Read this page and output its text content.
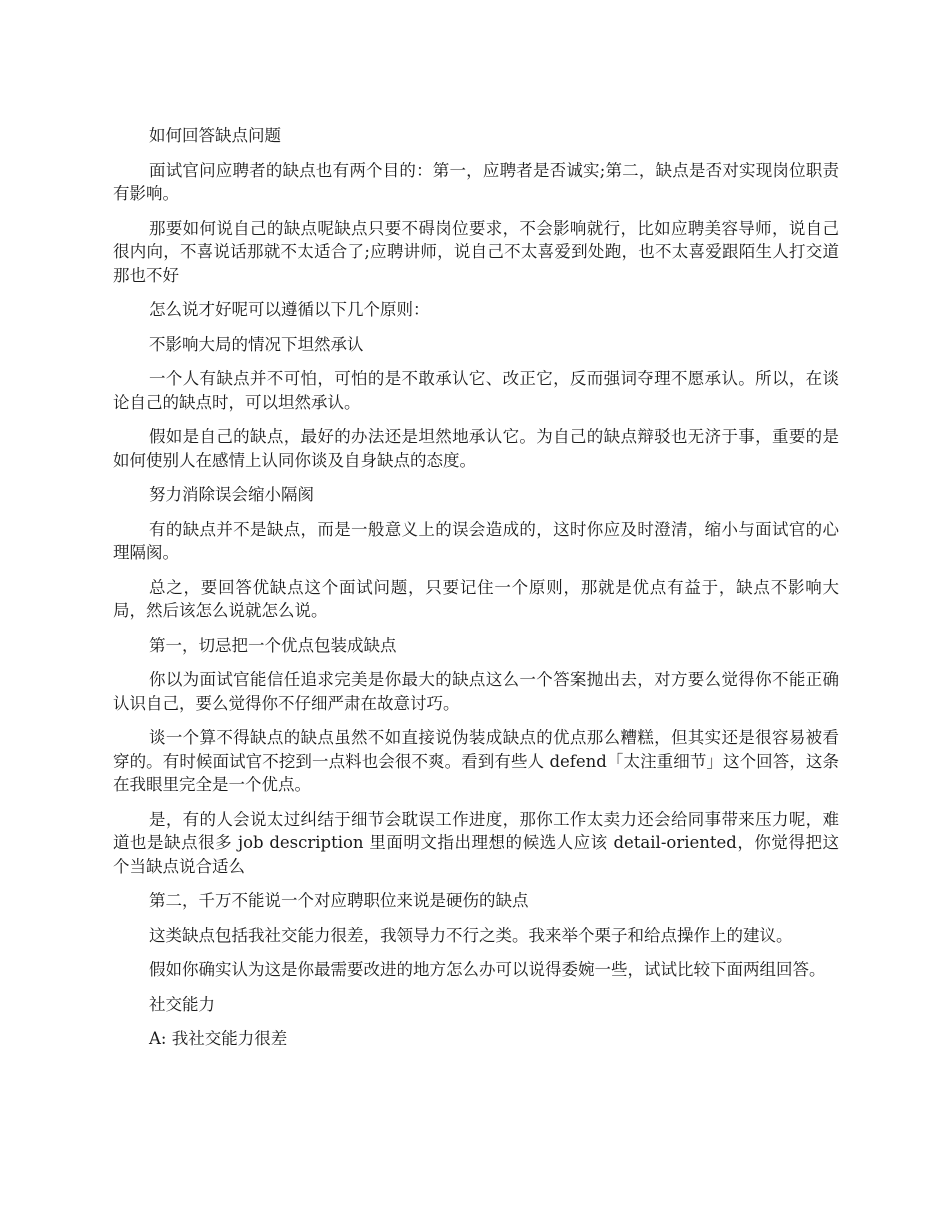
如何回答缺点问题

面试官问应聘者的缺点也有两个目的：第一，应聘者是否诚实;第二，缺点是否对实现岗位职责有影响。

那要如何说自己的缺点呢缺点只要不碍岗位要求，不会影响就行，比如应聘美容导师，说自己很内向，不喜说话那就不太适合了;应聘讲师，说自己不太喜爱到处跑，也不太喜爱跟陌生人打交道那也不好

怎么说才好呢可以遵循以下几个原则：

不影响大局的情况下坦然承认

一个人有缺点并不可怕，可怕的是不敢承认它、改正它，反而强词夺理不愿承认。所以，在谈论自己的缺点时，可以坦然承认。

假如是自己的缺点，最好的办法还是坦然地承认它。为自己的缺点辩驳也无济于事，重要的是如何使别人在感情上认同你谈及自身缺点的态度。

努力消除误会缩小隔阂

有的缺点并不是缺点，而是一般意义上的误会造成的，这时你应及时澄清，缩小与面试官的心理隔阂。

总之，要回答优缺点这个面试问题，只要记住一个原则，那就是优点有益于，缺点不影响大局，然后该怎么说就怎么说。

第一，切忌把一个优点包装成缺点

你以为面试官能信任追求完美是你最大的缺点这么一个答案抛出去，对方要么觉得你不能正确认识自己，要么觉得你不仔细严肃在故意讨巧。

谈一个算不得缺点的缺点虽然不如直接说伪装成缺点的优点那么糟糕，但其实还是很容易被看穿的。有时候面试官不挖到一点料也会很不爽。看到有些人 defend「太注重细节」这个回答，这条在我眼里完全是一个优点。

是，有的人会说太过纠结于细节会耽误工作进度，那你工作太卖力还会给同事带来压力呢，难道也是缺点很多 job description 里面明文指出理想的候选人应该 detail-oriented，你觉得把这个当缺点说合适么

第二，千万不能说一个对应聘职位来说是硬伤的缺点

这类缺点包括我社交能力很差，我领导力不行之类。我来举个栗子和给点操作上的建议。

假如你确实认为这是你最需要改进的地方怎么办可以说得委婉一些，试试比较下面两组回答。

社交能力

A: 我社交能力很差
